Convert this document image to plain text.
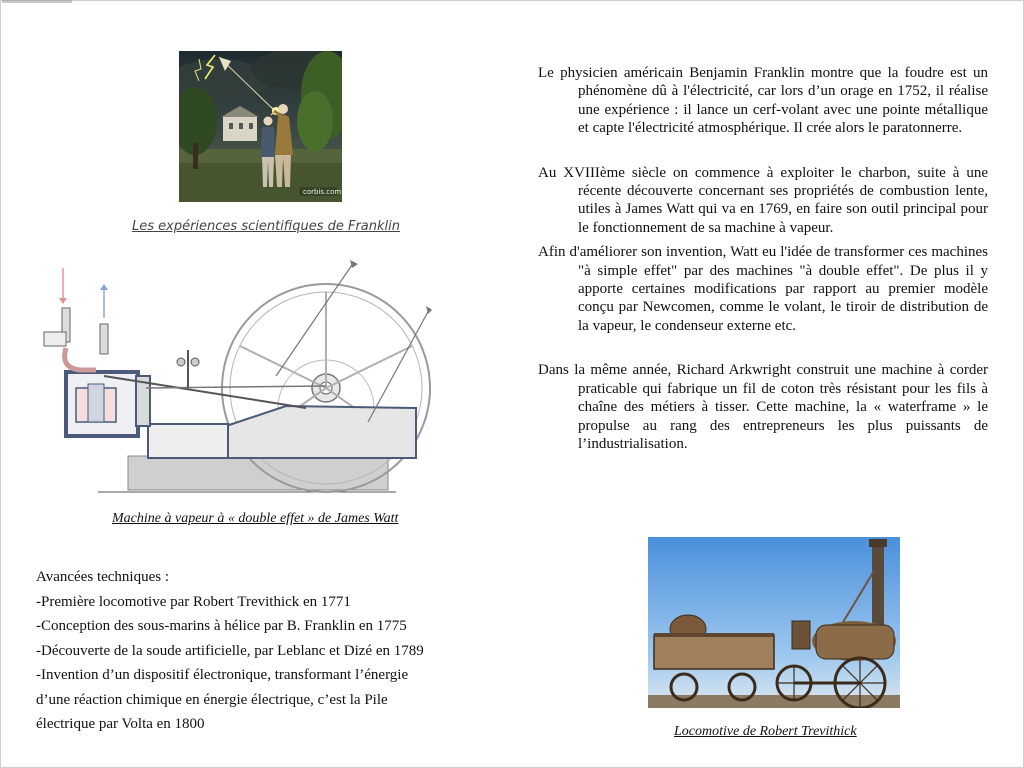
corbis.com
Les expériences scientifiques de Franklin
Machine à vapeur à « double effet » de James Watt

Le physicien américain Benjamin Franklin montre que la foudre est un phénomène dû à l'électricité, car lors d’un orage en 1752, il réalise une expérience : il lance un cerf-volant avec une pointe métallique et capte l'électricité atmosphérique. Il crée alors le paratonnerre.

Au XVIIIème siècle on commence à exploiter le charbon, suite à une récente découverte concernant ses propriétés de combustion lente, utiles à James Watt qui va en 1769, en faire son outil principal pour le fonctionnement de sa machine à vapeur.

Afin d'améliorer son invention, Watt eu l'idée de transformer ces machines "à simple effet" par des machines "à double effet". De plus il y apporte certaines modifications par rapport au premier modèle conçu par Newcomen, comme le volant, le tiroir de distribution de la vapeur, le condenseur externe etc.

Dans la même année, Richard Arkwright construit une machine à corder praticable qui fabrique un fil de coton très résistant pour les fils à chaîne des métiers à tisser. Cette machine, la « waterframe » le propulse au rang des entrepreneurs les plus puissants de l’industrialisation.

Locomotive de Robert Trevithick
Avancées techniques :
-Première locomotive par Robert Trevithick en 1771
-Conception des sous-marins à hélice par B. Franklin en 1775
-Découverte de la soude artificielle, par Leblanc et Dizé en 1789
-Invention d’un dispositif électronique, transformant l’énergie
d’une réaction chimique en énergie électrique, c’est la Pile
électrique par Volta en 1800
